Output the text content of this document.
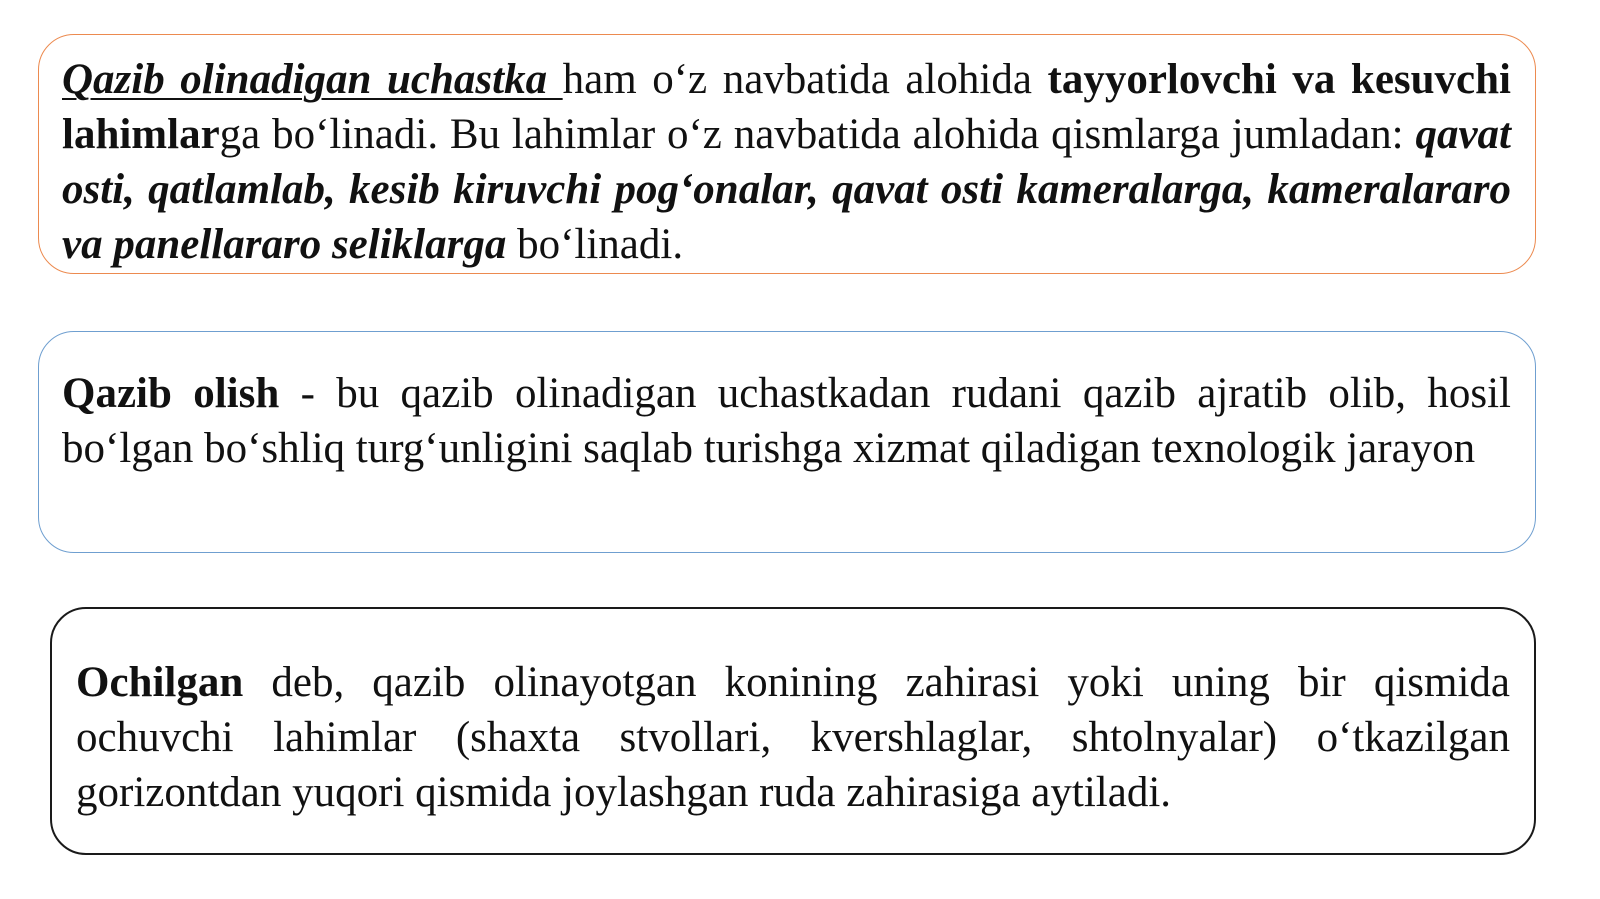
Qazib olinadigan uchastka ham o‘z navbatida alohida tayyorlovchi va kesuvchi lahimlarga bo‘linadi. Bu lahimlar o‘z navbatida alohida qismlarga jumladan: qavat osti, qatlamlab, kesib kiruvchi pog‘onalar, qavat osti kameralarga, kameralararo va panellararo seliklarga bo‘linadi.

Qazib olish - bu qazib olinadigan uchastkadan rudani qazib ajratib olib, hosil bo‘lgan bo‘shliq turg‘unligini saqlab turishga xizmat qiladigan texnologik jarayon

Ochilgan deb, qazib olinayotgan konining zahirasi yoki uning bir qismida ochuvchi lahimlar (shaxta stvollari, kvershlaglar, shtolnyalar) o‘tkazilgan gorizontdan yuqori qismida joylashgan ruda zahirasiga aytiladi.
